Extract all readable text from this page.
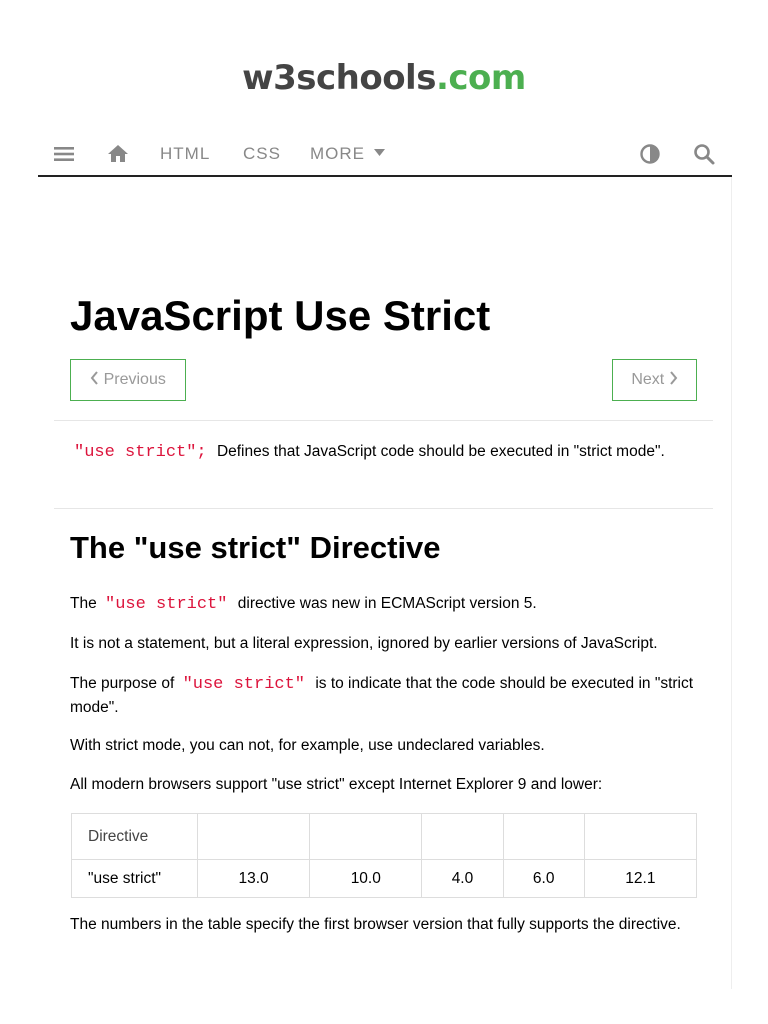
w3schools.com
HTML CSS MORE
JavaScript Use Strict
Previous	Next
"use strict"; Defines that JavaScript code should be executed in "strict mode".
The "use strict" Directive

The "use strict" directive was new in ECMAScript version 5.

It is not a statement, but a literal expression, ignored by earlier versions of JavaScript.

The purpose of "use strict" is to indicate that the code should be executed in "strict mode".

With strict mode, you can not, for example, use undeclared variables.

All modern browsers support "use strict" except Internet Explorer 9 and lower:

Directive					
"use strict"	13.0	10.0	4.0	6.0	12.1

The numbers in the table specify the first browser version that fully supports the directive.
